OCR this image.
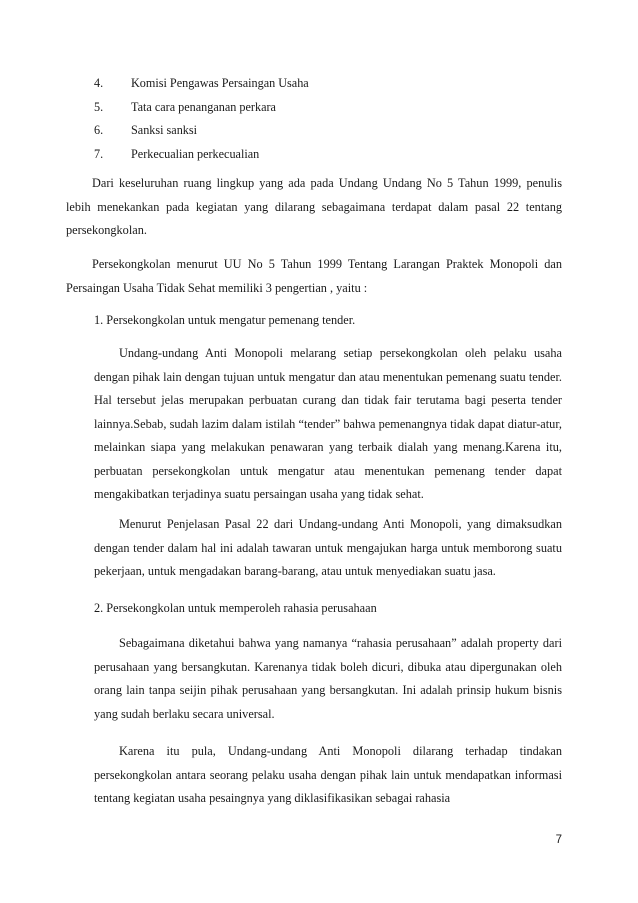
4.	Komisi Pengawas Persaingan Usaha
5.	Tata cara penanganan perkara
6.	Sanksi sanksi
7.	Perkecualian perkecualian

Dari keseluruhan ruang lingkup yang ada pada Undang Undang No 5 Tahun 1999, penulis lebih menekankan pada kegiatan yang dilarang sebagaimana terdapat dalam pasal 22 tentang persekongkolan.

Persekongkolan menurut UU No 5 Tahun 1999 Tentang Larangan Praktek Monopoli dan Persaingan Usaha Tidak Sehat memiliki 3 pengertian , yaitu :

1. Persekongkolan untuk mengatur pemenang tender.

Undang-undang Anti Monopoli melarang setiap persekongkolan oleh pelaku usaha dengan pihak lain dengan tujuan untuk mengatur dan atau menentukan pemenang suatu tender. Hal tersebut jelas merupakan perbuatan curang dan tidak fair terutama bagi peserta tender lainnya.Sebab, sudah lazim dalam istilah “tender” bahwa pemenangnya tidak dapat diatur-atur, melainkan siapa yang melakukan penawaran yang terbaik dialah yang menang.Karena itu, perbuatan persekongkolan untuk mengatur atau menentukan pemenang tender dapat mengakibatkan terjadinya suatu persaingan usaha yang tidak sehat.

Menurut Penjelasan Pasal 22 dari Undang-undang Anti Monopoli, yang dimaksudkan dengan tender dalam hal ini adalah tawaran untuk mengajukan harga untuk memborong suatu pekerjaan, untuk mengadakan barang-barang, atau untuk menyediakan suatu jasa.

2. Persekongkolan untuk memperoleh rahasia perusahaan

Sebagaimana diketahui bahwa yang namanya “rahasia perusahaan” adalah property dari perusahaan yang bersangkutan. Karenanya tidak boleh dicuri, dibuka atau dipergunakan oleh orang lain tanpa seijin pihak perusahaan yang bersangkutan. Ini adalah prinsip hukum bisnis yang sudah berlaku secara universal.

Karena itu pula, Undang-undang Anti Monopoli dilarang terhadap tindakan persekongkolan antara seorang pelaku usaha dengan pihak lain untuk mendapatkan informasi tentang kegiatan usaha pesaingnya yang diklasifikasikan sebagai rahasia

7
